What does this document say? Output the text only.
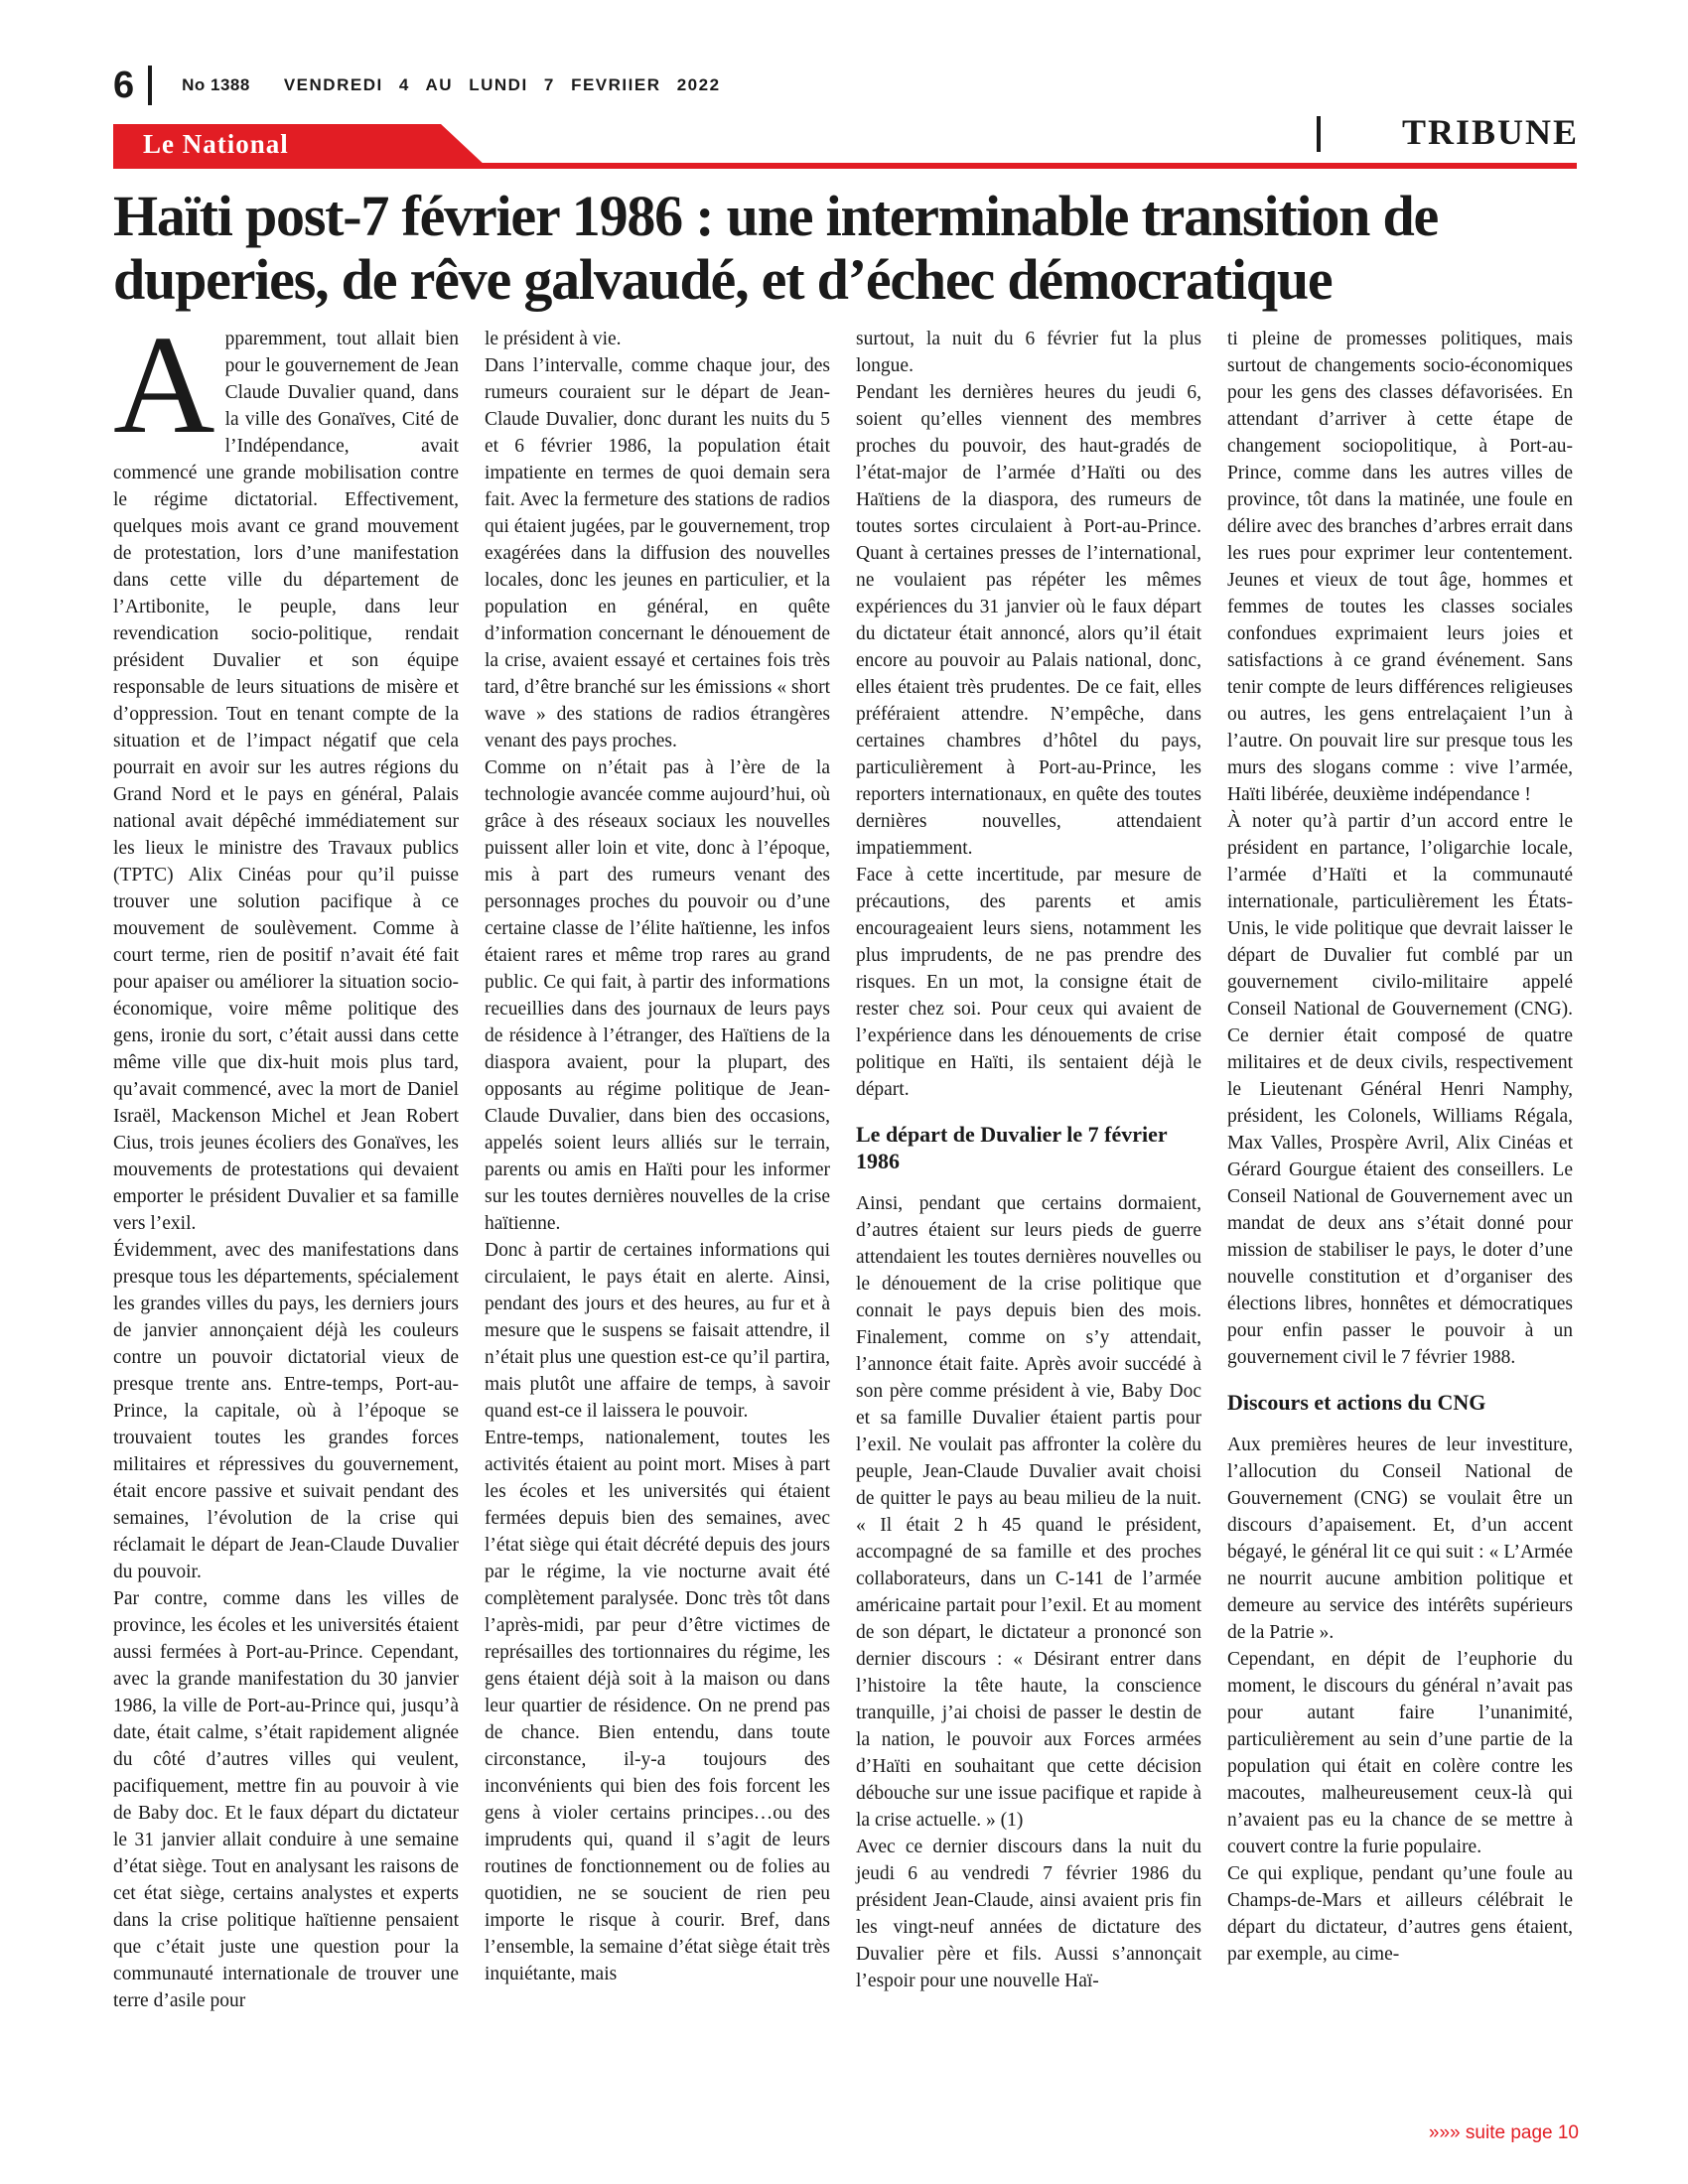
6	No 1388 VENDREDI 4 AU LUNDI 7 FEVRIIER 2022
Le National	TRIBUNE
Haïti post-7 février 1986 : une interminable transition de duperies, de rêve galvaudé, et d’échec démocratique

Apparemment, tout allait bien pour le gouvernement de Jean Claude Duvalier quand, dans la ville des Gonaïves, Cité de l’Indépendance, avait commencé une grande mobilisation contre le régime dictatorial. Effectivement, quelques mois avant ce grand mouvement de protestation, lors d’une manifestation dans cette ville du département de l’Artibonite, le peuple, dans leur revendication socio-politique, rendait président Duvalier et son équipe responsable de leurs situations de misère et d’oppression. Tout en tenant compte de la situation et de l’impact négatif que cela pourrait en avoir sur les autres régions du Grand Nord et le pays en général, Palais national avait dépêché immédiatement sur les lieux le ministre des Travaux publics (TPTC) Alix Cinéas pour qu’il puisse trouver une solution pacifique à ce mouvement de soulèvement. Comme à court terme, rien de positif n’avait été fait pour apaiser ou améliorer la situation socio-économique, voire même politique des gens, ironie du sort, c’était aussi dans cette même ville que dix-huit mois plus tard, qu’avait commencé, avec la mort de Daniel Israël, Mackenson Michel et Jean Robert Cius, trois jeunes écoliers des Gonaïves, les mouvements de protestations qui devaient emporter le président Duvalier et sa famille vers l’exil.

Évidemment, avec des manifestations dans presque tous les départements, spécialement les grandes villes du pays, les derniers jours de janvier annonçaient déjà les couleurs contre un pouvoir dictatorial vieux de presque trente ans. Entre-temps, Port-au-Prince, la capitale, où à l’époque se trouvaient toutes les grandes forces militaires et répressives du gouvernement, était encore passive et suivait pendant des semaines, l’évolution de la crise qui réclamait le départ de Jean-Claude Duvalier du pouvoir.

Par contre, comme dans les villes de province, les écoles et les universités étaient aussi fermées à Port-au-Prince. Cependant, avec la grande manifestation du 30 janvier 1986, la ville de Port-au-Prince qui, jusqu’à date, était calme, s’était rapidement alignée du côté d’autres villes qui veulent, pacifiquement, mettre fin au pouvoir à vie de Baby doc. Et le faux départ du dictateur le 31 janvier allait conduire à une semaine d’état siège. Tout en analysant les raisons de cet état siège, certains analystes et experts dans la crise politique haïtienne pensaient que c’était juste une question pour la communauté internationale de trouver une terre d’asile pour

le président à vie.

Dans l’intervalle, comme chaque jour, des rumeurs couraient sur le départ de Jean-Claude Duvalier, donc durant les nuits du 5 et 6 février 1986, la population était impatiente en termes de quoi demain sera fait. Avec la fermeture des stations de radios qui étaient jugées, par le gouvernement, trop exagérées dans la diffusion des nouvelles locales, donc les jeunes en particulier, et la population en général, en quête d’information concernant le dénouement de la crise, avaient essayé et certaines fois très tard, d’être branché sur les émissions « short wave » des stations de radios étrangères venant des pays proches.

Comme on n’était pas à l’ère de la technologie avancée comme aujourd’hui, où grâce à des réseaux sociaux les nouvelles puissent aller loin et vite, donc à l’époque, mis à part des rumeurs venant des personnages proches du pouvoir ou d’une certaine classe de l’élite haïtienne, les infos étaient rares et même trop rares au grand public. Ce qui fait, à partir des informations recueillies dans des journaux de leurs pays de résidence à l’étranger, des Haïtiens de la diaspora avaient, pour la plupart, des opposants au régime politique de Jean-Claude Duvalier, dans bien des occasions, appelés soient leurs alliés sur le terrain, parents ou amis en Haïti pour les informer sur les toutes dernières nouvelles de la crise haïtienne.

Donc à partir de certaines informations qui circulaient, le pays était en alerte. Ainsi, pendant des jours et des heures, au fur et à mesure que le suspens se faisait attendre, il n’était plus une question est-ce qu’il partira, mais plutôt une affaire de temps, à savoir quand est-ce il laissera le pouvoir.

Entre-temps, nationalement, toutes les activités étaient au point mort. Mises à part les écoles et les universités qui étaient fermées depuis bien des semaines, avec l’état siège qui était décrété depuis des jours par le régime, la vie nocturne avait été complètement paralysée. Donc très tôt dans l’après-midi, par peur d’être victimes de représailles des tortionnaires du régime, les gens étaient déjà soit à la maison ou dans leur quartier de résidence. On ne prend pas de chance. Bien entendu, dans toute circonstance, il-y-a toujours des inconvénients qui bien des fois forcent les gens à violer certains principes…ou des imprudents qui, quand il s’agit de leurs routines de fonctionnement ou de folies au quotidien, ne se soucient de rien peu importe le risque à courir. Bref, dans l’ensemble, la semaine d’état siège était très inquiétante, mais

surtout, la nuit du 6 février fut la plus longue.

Pendant les dernières heures du jeudi 6, soient qu’elles viennent des membres proches du pouvoir, des haut-gradés de l’état-major de l’armée d’Haïti ou des Haïtiens de la diaspora, des rumeurs de toutes sortes circulaient à Port-au-Prince. Quant à certaines presses de l’international, ne voulaient pas répéter les mêmes expériences du 31 janvier où le faux départ du dictateur était annoncé, alors qu’il était encore au pouvoir au Palais national, donc, elles étaient très prudentes. De ce fait, elles préféraient attendre. N’empêche, dans certaines chambres d’hôtel du pays, particulièrement à Port-au-Prince, les reporters internationaux, en quête des toutes dernières nouvelles, attendaient impatiemment.

Face à cette incertitude, par mesure de précautions, des parents et amis encourageaient leurs siens, notamment les plus imprudents, de ne pas prendre des risques. En un mot, la consigne était de rester chez soi. Pour ceux qui avaient de l’expérience dans les dénouements de crise politique en Haïti, ils sentaient déjà le départ.

Le départ de Duvalier le 7 février 1986

Ainsi, pendant que certains dormaient, d’autres étaient sur leurs pieds de guerre attendaient les toutes dernières nouvelles ou le dénouement de la crise politique que connait le pays depuis bien des mois. Finalement, comme on s’y attendait, l’annonce était faite. Après avoir succédé à son père comme président à vie, Baby Doc et sa famille Duvalier étaient partis pour l’exil. Ne voulait pas affronter la colère du peuple, Jean-Claude Duvalier avait choisi de quitter le pays au beau milieu de la nuit. « Il était 2 h 45 quand le président, accompagné de sa famille et des proches collaborateurs, dans un C-141 de l’armée américaine partait pour l’exil. Et au moment de son départ, le dictateur a prononcé son dernier discours : « Désirant entrer dans l’histoire la tête haute, la conscience tranquille, j’ai choisi de passer le destin de la nation, le pouvoir aux Forces armées d’Haïti en souhaitant que cette décision débouche sur une issue pacifique et rapide à la crise actuelle. » (1)

Avec ce dernier discours dans la nuit du jeudi 6 au vendredi 7 février 1986 du président Jean-Claude, ainsi avaient pris fin les vingt-neuf années de dictature des Duvalier père et fils. Aussi s’annonçait l’espoir pour une nouvelle Haï-

ti pleine de promesses politiques, mais surtout de changements socio-économiques pour les gens des classes défavorisées. En attendant d’arriver à cette étape de changement sociopolitique, à Port-au-Prince, comme dans les autres villes de province, tôt dans la matinée, une foule en délire avec des branches d’arbres errait dans les rues pour exprimer leur contentement. Jeunes et vieux de tout âge, hommes et femmes de toutes les classes sociales confondues exprimaient leurs joies et satisfactions à ce grand événement. Sans tenir compte de leurs différences religieuses ou autres, les gens entrelaçaient l’un à l’autre. On pouvait lire sur presque tous les murs des slogans comme : vive l’armée, Haïti libérée, deuxième indépendance !

À noter qu’à partir d’un accord entre le président en partance, l’oligarchie locale, l’armée d’Haïti et la communauté internationale, particulièrement les États-Unis, le vide politique que devrait laisser le départ de Duvalier fut comblé par un gouvernement civilo-militaire appelé Conseil National de Gouvernement (CNG). Ce dernier était composé de quatre militaires et de deux civils, respectivement le Lieutenant Général Henri Namphy, président, les Colonels, Williams Régala, Max Valles, Prospère Avril, Alix Cinéas et Gérard Gourgue étaient des conseillers. Le Conseil National de Gouvernement avec un mandat de deux ans s’était donné pour mission de stabiliser le pays, le doter d’une nouvelle constitution et d’organiser des élections libres, honnêtes et démocratiques pour enfin passer le pouvoir à un gouvernement civil le 7 février 1988.

Discours et actions du CNG

Aux premières heures de leur investiture, l’allocution du Conseil National de Gouvernement (CNG) se voulait être un discours d’apaisement. Et, d’un accent bégayé, le général lit ce qui suit : « L’Armée ne nourrit aucune ambition politique et demeure au service des intérêts supérieurs de la Patrie ».

Cependant, en dépit de l’euphorie du moment, le discours du général n’avait pas pour autant faire l’unanimité, particulièrement au sein d’une partie de la population qui était en colère contre les macoutes, malheureusement ceux-là qui n’avaient pas eu la chance de se mettre à couvert contre la furie populaire.

Ce qui explique, pendant qu’une foule au Champs-de-Mars et ailleurs célébrait le départ du dictateur, d’autres gens étaient, par exemple, au cime-

»»» suite page 10
